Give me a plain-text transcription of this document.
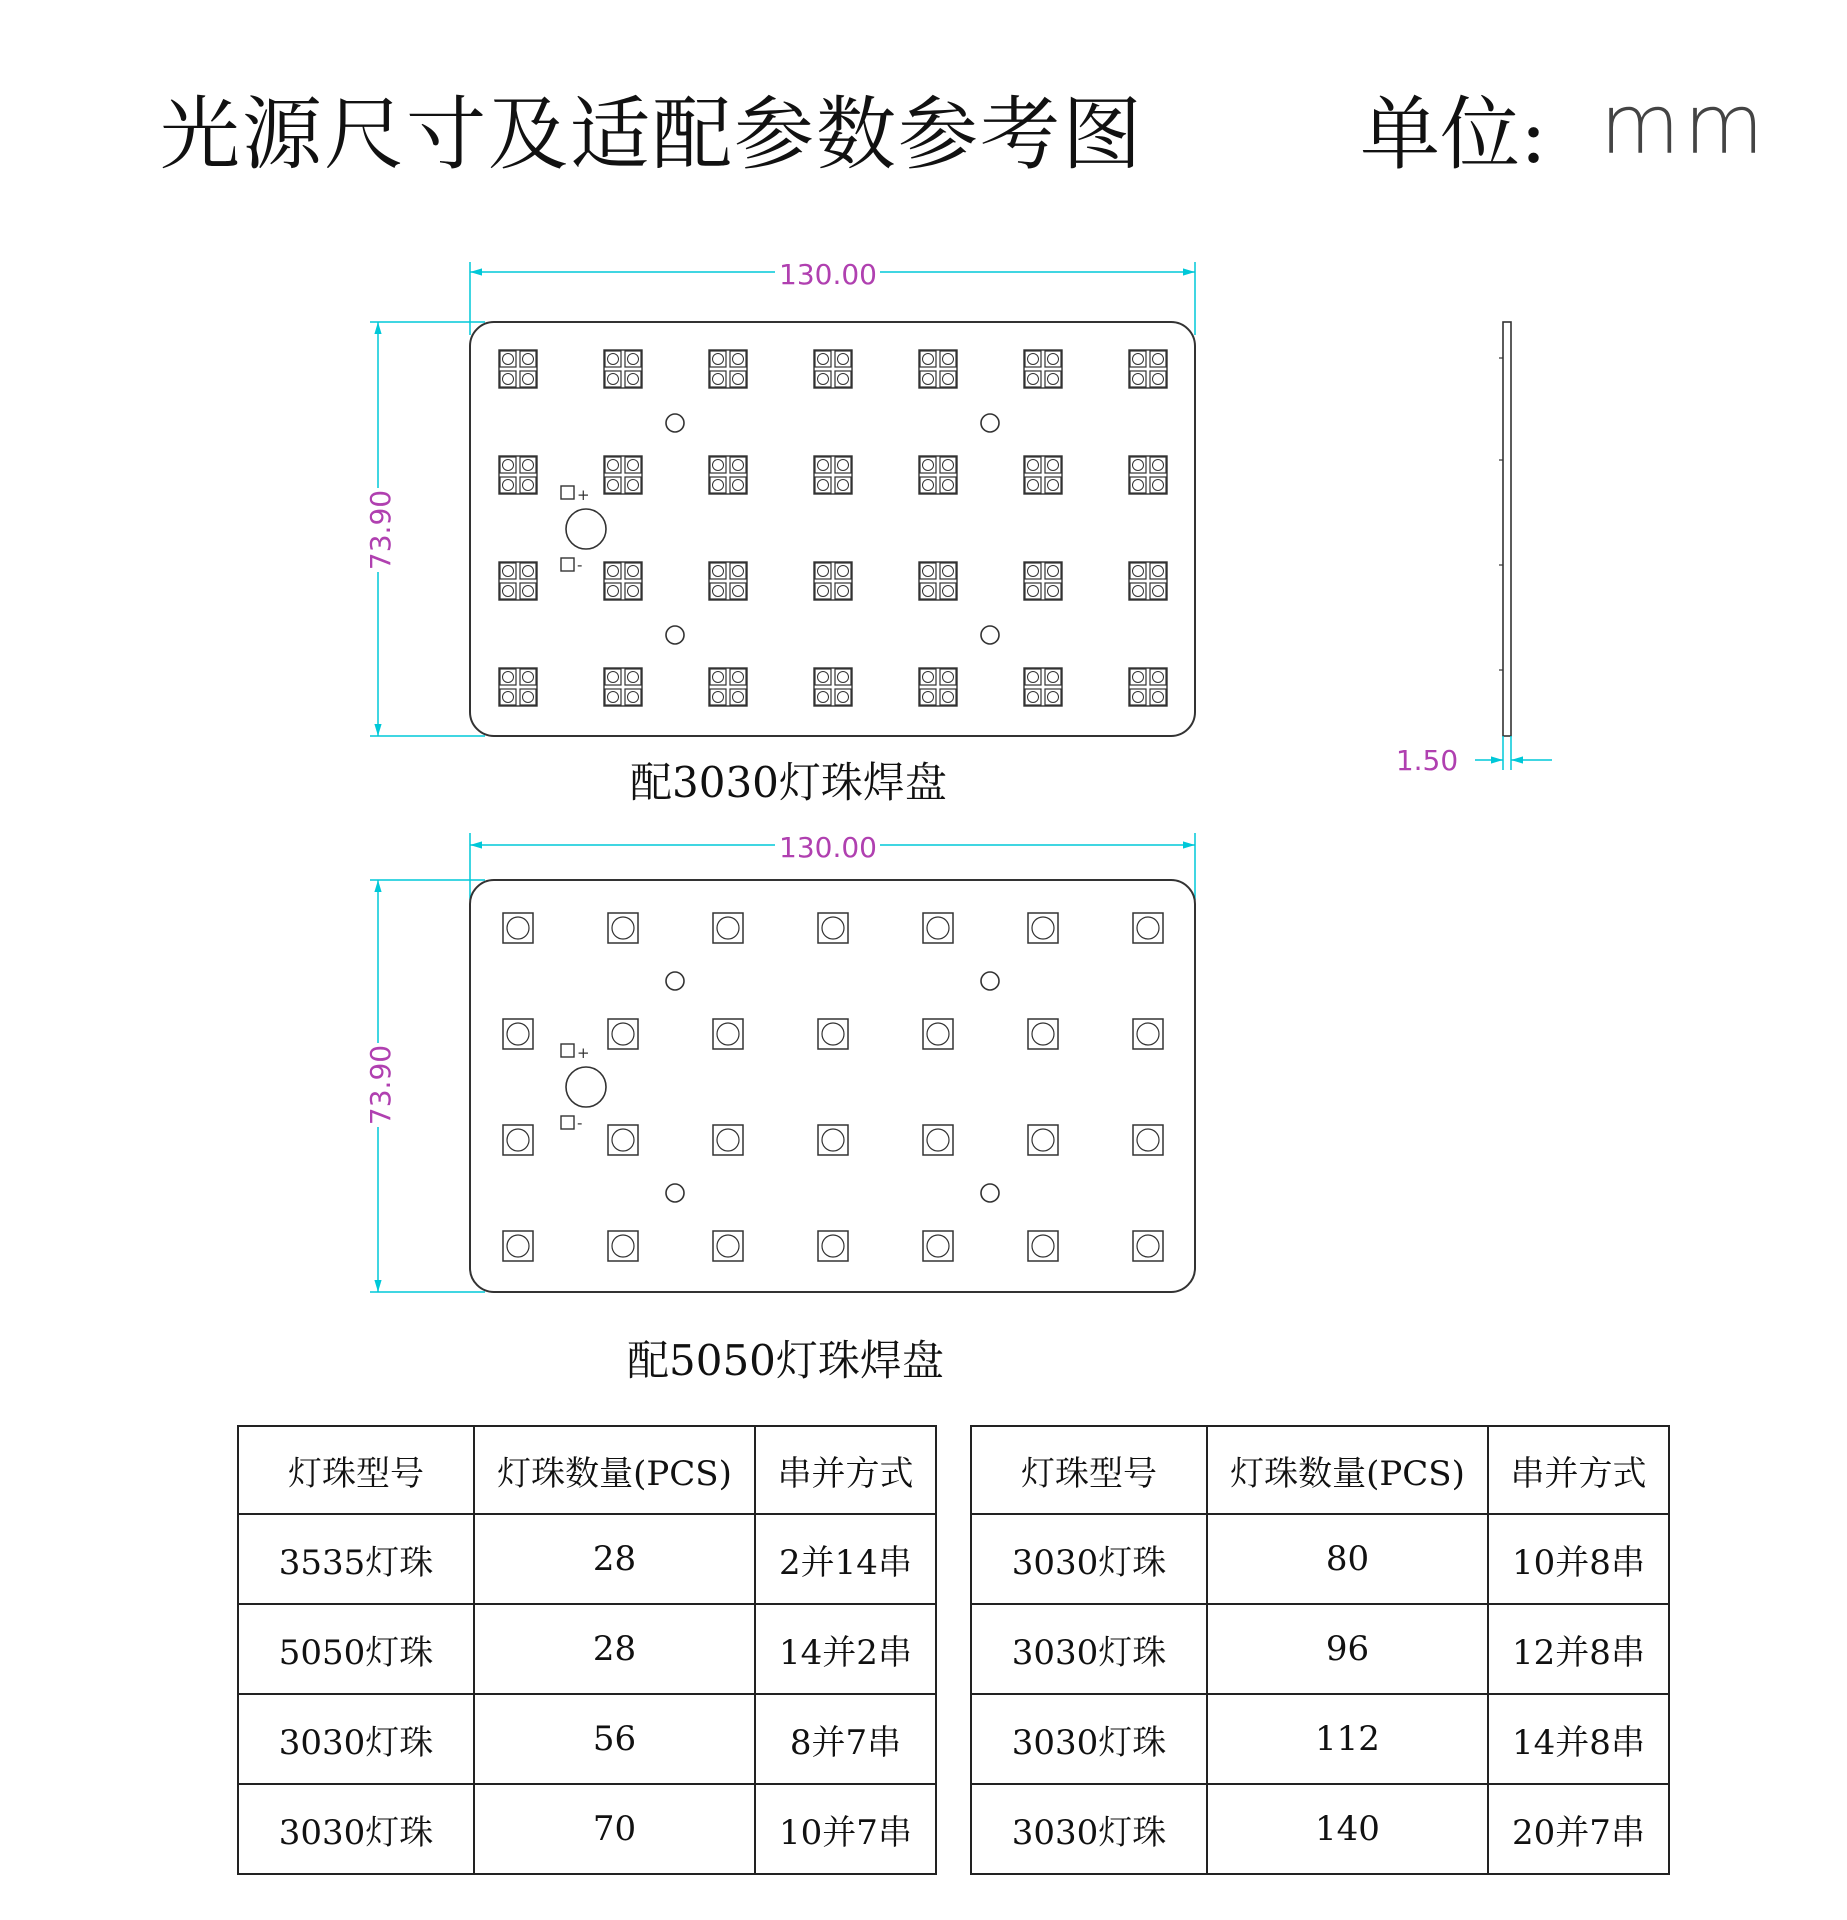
光源尺寸及适配参数参考图	单位: mm
130.00
73.90	+
-
1.50
130.00
73.90	+
-
配3030灯珠焊盘
配5050灯珠焊盘
灯珠型号	灯珠数量(PCS)	串并方式
3535灯珠	28	2并14串
5050灯珠	28	14并2串
3030灯珠	56	8并7串
3030灯珠	70	10并7串
灯珠型号	灯珠数量(PCS)	串并方式
3030灯珠	80	10并8串
3030灯珠	96	12并8串
3030灯珠	112	14并8串
3030灯珠	140	20并7串
